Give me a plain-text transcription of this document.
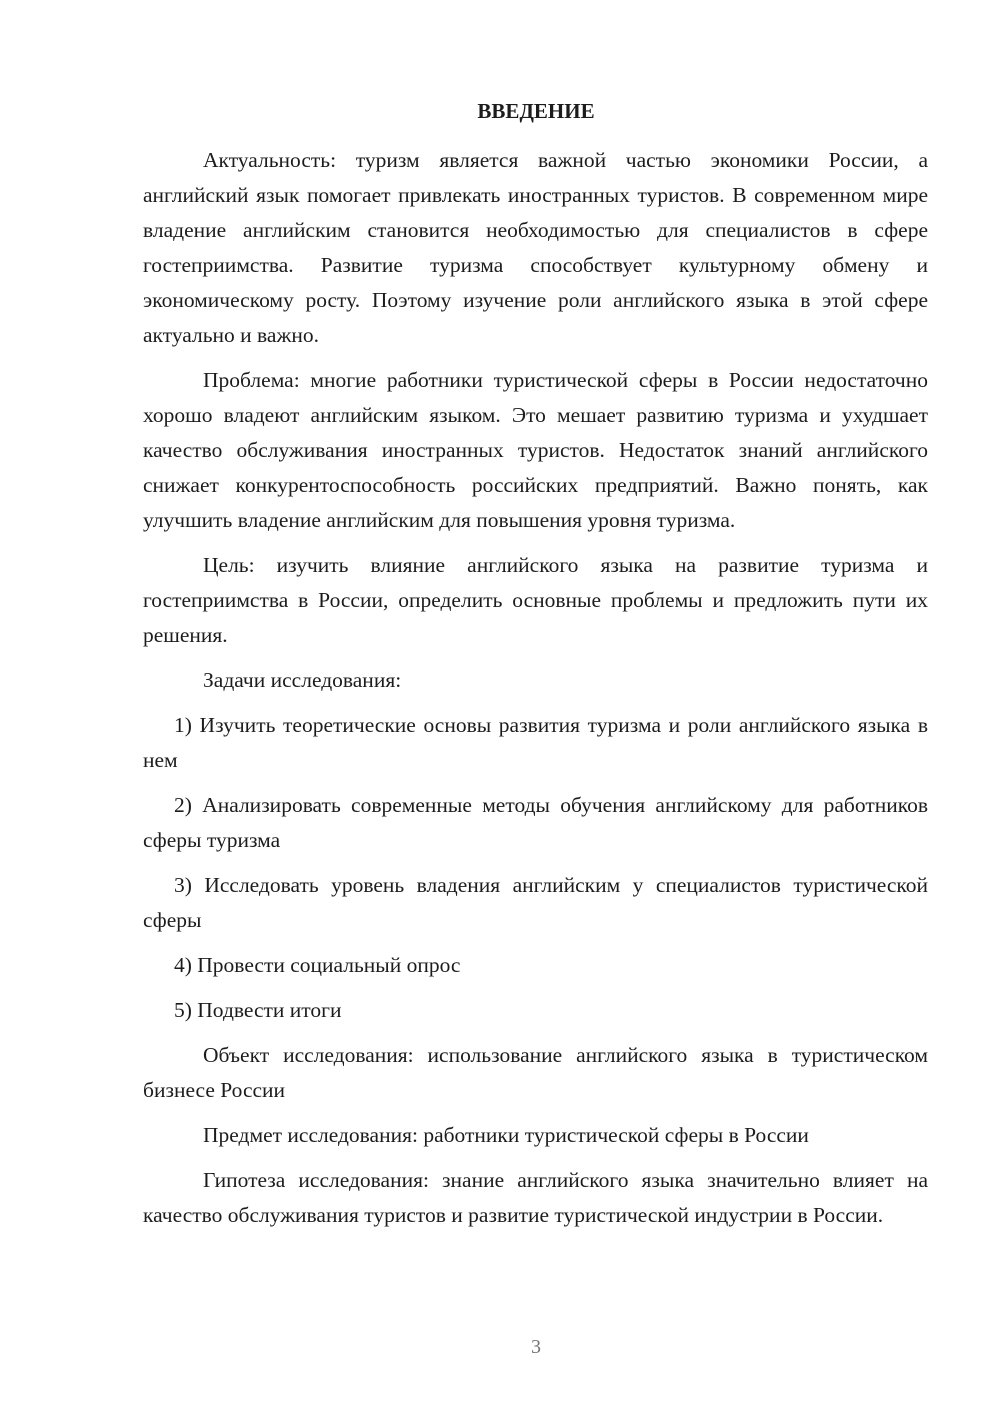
ВВЕДЕНИЕ

Актуальность: туризм является важной частью экономики России, а английский язык помогает привлекать иностранных туристов. В современном мире владение английским становится необходимостью для специалистов в сфере гостеприимства. Развитие туризма способствует культурному обмену и экономическому росту. Поэтому изучение роли английского языка в этой сфере актуально и важно.

Проблема: многие работники туристической сферы в России недостаточно хорошо владеют английским языком. Это мешает развитию туризма и ухудшает качество обслуживания иностранных туристов. Недостаток знаний английского снижает конкурентоспособность российских предприятий. Важно понять, как улучшить владение английским для повышения уровня туризма.

Цель: изучить влияние английского языка на развитие туризма и гостеприимства в России, определить основные проблемы и предложить пути их решения.

Задачи исследования:

1) Изучить теоретические основы развития туризма и роли английского языка в нем

2) Анализировать современные методы обучения английскому для работников сферы туризма

3) Исследовать уровень владения английским у специалистов туристической сферы

4) Провести социальный опрос

5) Подвести итоги

Объект исследования: использование английского языка в туристическом бизнесе России

Предмет исследования: работники туристической сферы в России

Гипотеза исследования: знание английского языка значительно влияет на качество обслуживания туристов и развитие туристической индустрии в России.

3
